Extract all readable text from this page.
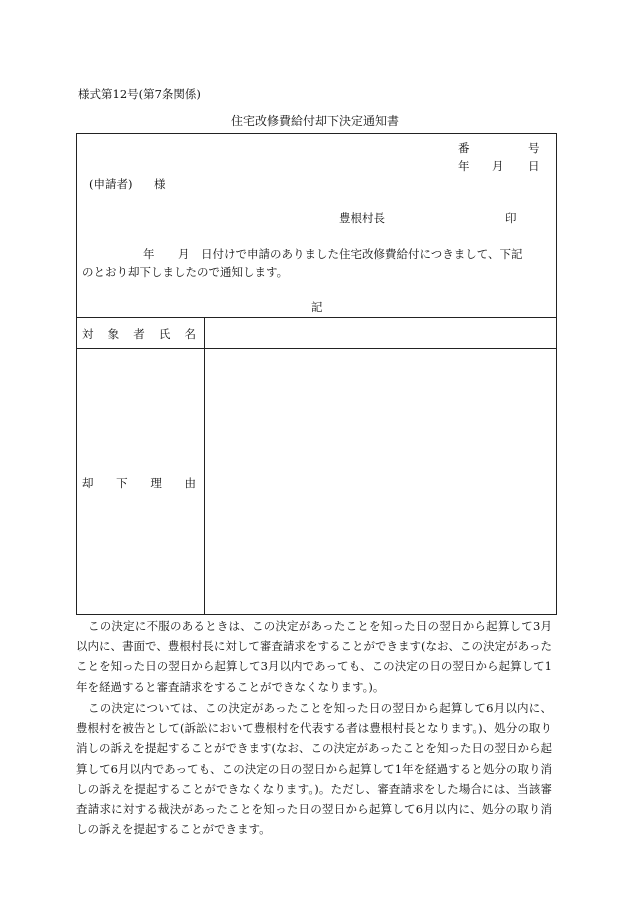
様式第12号(第7条関係)
住宅改修費給付却下決定通知書
番	号
年 月 日
(申請者) 様
豊根村長	印
年 月 日付けで申請のありました住宅改修費給付につきまして、下記
のとおり却下しましたので通知します。
記
対 象 者 氏 名
却 下 理 由

この決定に不服のあるときは、この決定があったことを知った日の翌日から起算して3月以内に、書面で、豊根村長に対して審査請求をすることができます(なお、この決定があったことを知った日の翌日から起算して3月以内であっても、この決定の日の翌日から起算して1年を経過すると審査請求をすることができなくなります。)。

この決定については、この決定があったことを知った日の翌日から起算して6月以内に、豊根村を被告として(訴訟において豊根村を代表する者は豊根村長となります。)、処分の取り消しの訴えを提起することができます(なお、この決定があったことを知った日の翌日から起算して6月以内であっても、この決定の日の翌日から起算して1年を経過すると処分の取り消しの訴えを提起することができなくなります。)。ただし、審査請求をした場合には、当該審査請求に対する裁決があったことを知った日の翌日から起算して6月以内に、処分の取り消しの訴えを提起することができます。
